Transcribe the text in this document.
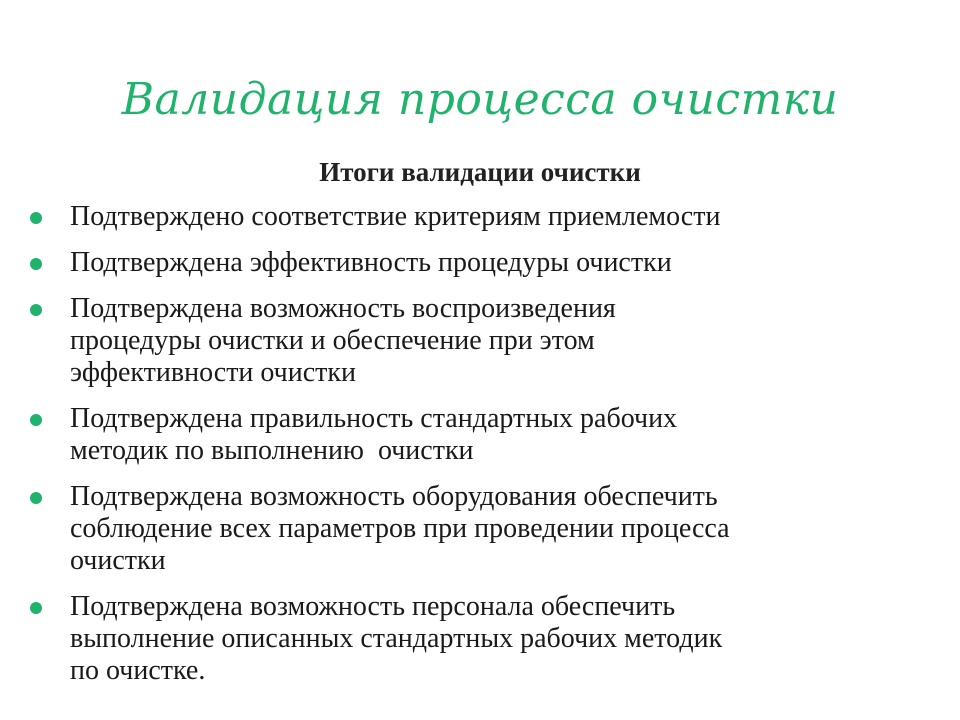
Валидация процесса очистки
Итоги валидации очистки
Подтверждено соответствие критериям приемлемости
Подтверждена эффективность процедуры очистки
Подтверждена возможность воспроизведения
процедуры очистки и обеспечение при этом
эффективности очистки
Подтверждена правильность стандартных рабочих
методик по выполнению  очистки
Подтверждена возможность оборудования обеспечить
соблюдение всех параметров при проведении процесса
очистки
Подтверждена возможность персонала обеспечить
выполнение описанных стандартных рабочих методик
по очистке.
